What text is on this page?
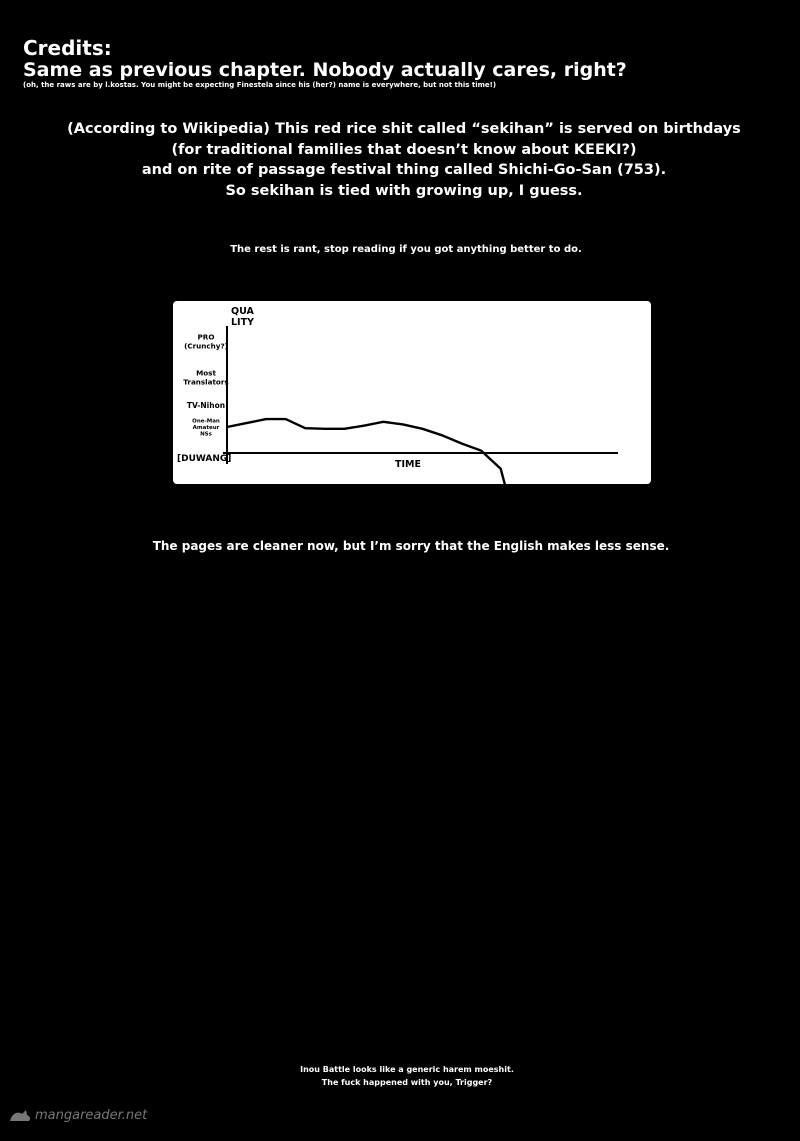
Credits:
Same as previous chapter. Nobody actually cares, right?
(oh, the raws are by l.kostas. You might be expecting Finestela since his (her?) name is everywhere, but not this time!)
(According to Wikipedia) This red rice shit called “sekihan” is served on birthdays
(for traditional families that doesn’t know about KEEKI?)
and on rite of passage festival thing called Shichi-Go-San (753).
So sekihan is tied with growing up, I guess.
The rest is rant, stop reading if you got anything better to do.
QUA
LITY
TIME
PRO
(Crunchy?)
Most
Translators
TV-Nihon
One-Man
Amateur
NSs
[DUWANG]
The pages are cleaner now, but I’m sorry that the English makes less sense.
Inou Battle looks like a generic harem moeshit.
The fuck happened with you, Trigger?
mangareader.net
